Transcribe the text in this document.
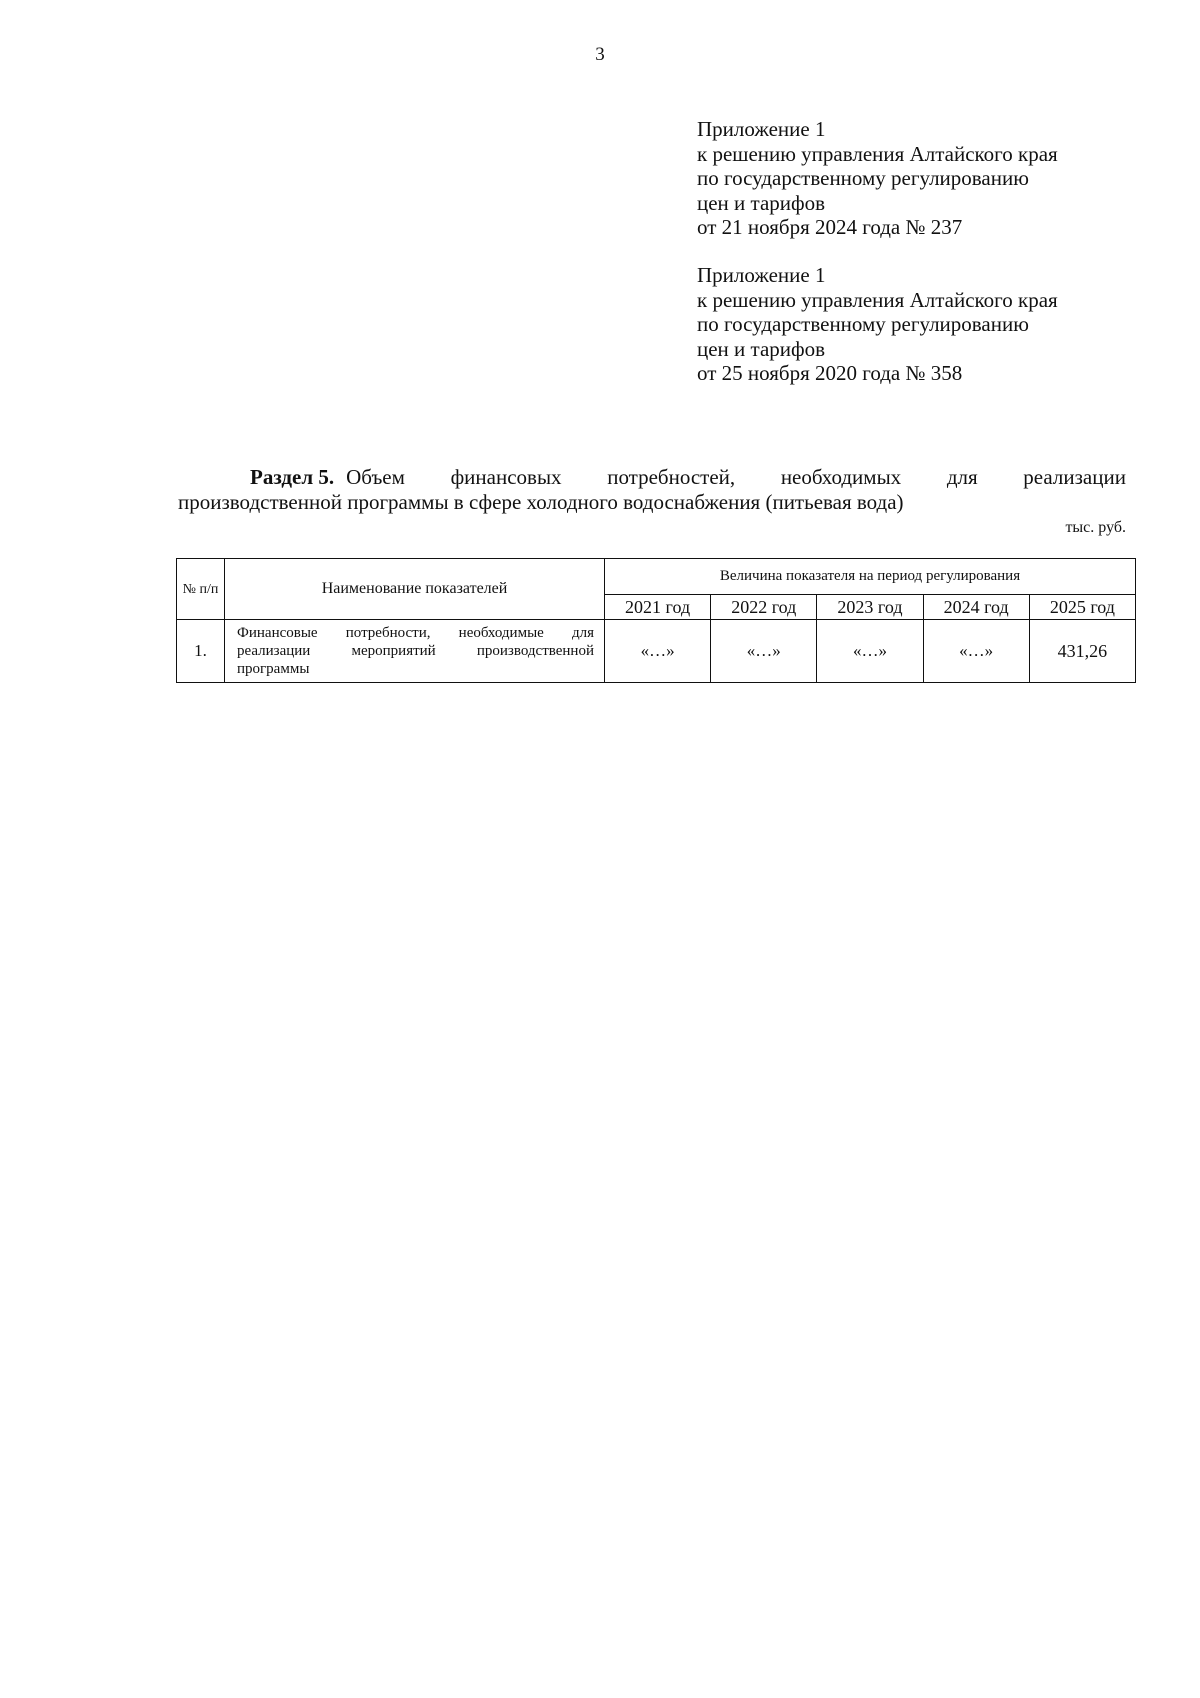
3
Приложение 1
к решению управления Алтайского края
по государственному регулированию
цен и тарифов
от 21 ноября 2024 года № 237
Приложение 1
к решению управления Алтайского края
по государственному регулированию
цен и тарифов
от 25 ноября 2020 года № 358
Раздел 5. Объем финансовых потребностей, необходимых для реализации
производственной программы в сфере холодного водоснабжения (питьевая вода)
тыс. руб.
№ п/п	Наименование показателей	Величина показателя на период регулирования				
		2021 год	2022 год	2023 год	2024 год	2025 год
1.	Финансовые потребности, необходимые для реализации мероприятий производственной программы	«…»	«…»	«…»	«…»	431,26
